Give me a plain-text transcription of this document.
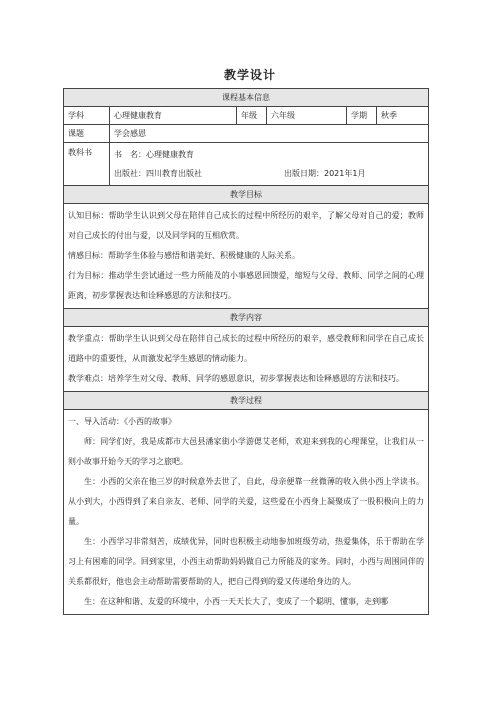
教学设计
课程基本信息					
学科	心理健康教育	年级	六年级	学期	秋季
课题	学会感恩				
教科书	书　名：心理健康教育
出版社：四川教育出版社 出版日期：2021年1月				

教学目标					

认知目标：帮助学生认识到父母在陪伴自己成长的过程中所经历的艰辛，了解父母对自己的爱；教师对自己成长的付出与爱，以及同学间的互相欣赏。

情感目标：帮助学生体验与感悟和谐美好、积极健康的人际关系。

行为目标：推动学生尝试通过一些力所能及的小事感恩回馈爱，缩短与父母、教师、同学之间的心理距离，初步掌握表达和诠释感恩的方法和技巧。					

教学内容					

教学重点：帮助学生认识到父母在陪伴自己成长的过程中所经历的艰辛，感受教师和同学在自己成长道路中的重要性，从而激发起学生感恩的情动能力。

教学难点：培养学生对父母、教师、同学的感恩意识，初步掌握表达和诠释感恩的方法和技巧。					

教学过程					

一、导入活动：《小西的故事》

师：同学们好，我是成都市大邑县潘家街小学游偲艾老师，欢迎来到我的心理课堂，让我们从一则小故事开始今天的学习之旅吧。

生：小西的父亲在他三岁的时候意外去世了，自此，母亲便靠一丝微薄的收入供小西上学读书。从小到大，小西得到了来自亲友、老师、同学的关爱，这些爱在小西身上凝聚成了一股积极向上的力量。

生：小西学习非常刻苦，成绩优异，同时也积极主动地参加班级劳动，热爱集体，乐于帮助在学习上有困难的同学。回到家里，小西主动帮助妈妈做自己力所能及的家务。同时，小西与周围同伴的关系都很好，他也会主动帮助需要帮助的人，把自己得到的爱又传递给身边的人。

生：在这种和谐、友爱的环境中，小西一天天长大了，变成了一个聪明、懂事，走到哪					
